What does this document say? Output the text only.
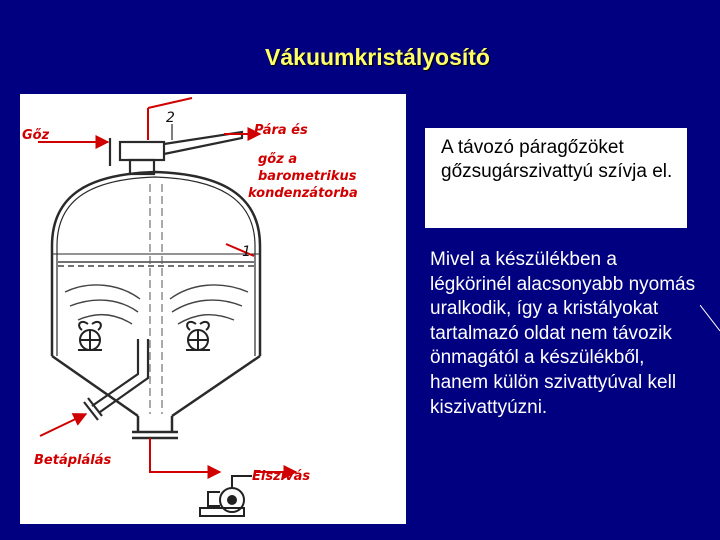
Vákuumkristályosító
Gőz	Pára és
gőz a
barometrikus
kondenzátorba
Betáplálás
Elszívás
1
2
A távozó páragőzöket gőzsugárszivattyú szívja el.
Mivel a készülékben a légkörinél alacsonyabb nyomás uralkodik, így a kristályokat tartalmazó oldat nem távozik önmagától a készülékből, hanem külön szivattyúval kell kiszivattyúzni.
